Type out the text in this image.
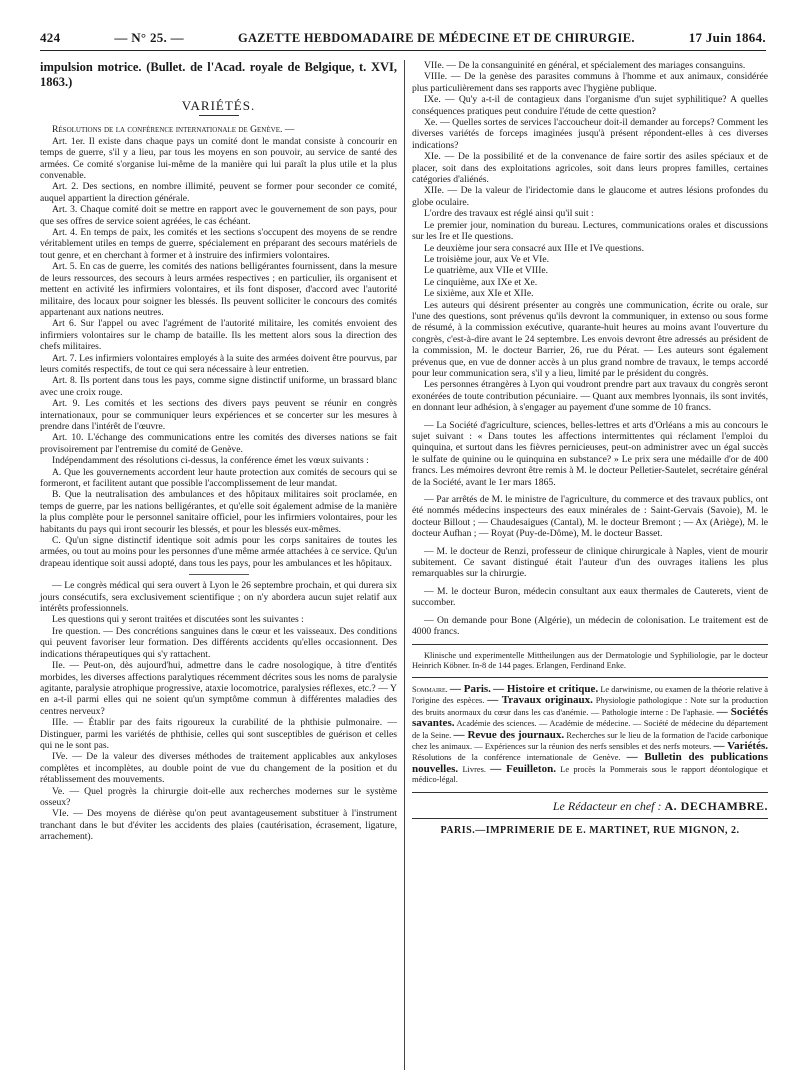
424	— N° 25. —	GAZETTE HEBDOMADAIRE DE MÉDECINE ET DE CHIRURGIE.	17 Juin 1864.

impulsion motrice. (Bullet. de l'Acad. royale de Belgique, t. XVI, 1863.)

VARIÉTÉS.

Résolutions de la conférence internationale de Genève. —

Art. 1er. Il existe dans chaque pays un comité dont le mandat consiste à concourir en temps de guerre, s'il y a lieu, par tous les moyens en son pouvoir, au service de santé des armées. Ce comité s'organise lui-même de la manière qui lui paraît la plus utile et la plus convenable.

Art. 2. Des sections, en nombre illimité, peuvent se former pour seconder ce comité, auquel appartient la direction générale.

Art. 3. Chaque comité doit se mettre en rapport avec le gouvernement de son pays, pour que ses offres de service soient agréées, le cas échéant.

Art. 4. En temps de paix, les comités et les sections s'occupent des moyens de se rendre véritablement utiles en temps de guerre, spécialement en préparant des secours matériels de tout genre, et en cherchant à former et à instruire des infirmiers volontaires.

Art. 5. En cas de guerre, les comités des nations belligérantes fournissent, dans la mesure de leurs ressources, des secours à leurs armées respectives ; en particulier, ils organisent et mettent en activité les infirmiers volontaires, et ils font disposer, d'accord avec l'autorité militaire, des locaux pour soigner les blessés. Ils peuvent solliciter le concours des comités appartenant aux nations neutres.

Art 6. Sur l'appel ou avec l'agrément de l'autorité militaire, les comités envoient des infirmiers volontaires sur le champ de bataille. Ils les mettent alors sous la direction des chefs militaires.

Art. 7. Les infirmiers volontaires employés à la suite des armées doivent être pourvus, par leurs comités respectifs, de tout ce qui sera nécessaire à leur entretien.

Art. 8. Ils portent dans tous les pays, comme signe distinctif uniforme, un brassard blanc avec une croix rouge.

Art. 9. Les comités et les sections des divers pays peuvent se réunir en congrès internationaux, pour se communiquer leurs expériences et se concerter sur les mesures à prendre dans l'intérêt de l'œuvre.

Art. 10. L'échange des communications entre les comités des diverses nations se fait provisoirement par l'entremise du comité de Genève.

Indépendamment des résolutions ci-dessus, la conférence émet les vœux suivants :

A. Que les gouvernements accordent leur haute protection aux comités de secours qui se formeront, et facilitent autant que possible l'accomplissement de leur mandat.

B. Que la neutralisation des ambulances et des hôpitaux militaires soit proclamée, en temps de guerre, par les nations belligérantes, et qu'elle soit également admise de la manière la plus complète pour le personnel sanitaire officiel, pour les infirmiers volontaires, pour les habitants du pays qui iront secourir les blessés, et pour les blessés eux-mêmes.

C. Qu'un signe distinctif identique soit admis pour les corps sanitaires de toutes les armées, ou tout au moins pour les personnes d'une même armée attachées à ce service. Qu'un drapeau identique soit aussi adopté, dans tous les pays, pour les ambulances et les hôpitaux.

— Le congrès médical qui sera ouvert à Lyon le 26 septembre prochain, et qui durera six jours consécutifs, sera exclusivement scientifique ; on n'y abordera aucun sujet relatif aux intérêts professionnels.

Les questions qui y seront traitées et discutées sont les suivantes :

Ire question. — Des concrétions sanguines dans le cœur et les vaisseaux. Des conditions qui peuvent favoriser leur formation. Des différents accidents qu'elles occasionnent. Des indications thérapeutiques qui s'y rattachent.

IIe. — Peut-on, dès aujourd'hui, admettre dans le cadre nosologique, à titre d'entités morbides, les diverses affections paralytiques récemment décrites sous les noms de paralysie agitante, paralysie atrophique progressive, ataxie locomotrice, paralysies réflexes, etc.? — Y en a-t-il parmi elles qui ne soient qu'un symptôme commun à différentes maladies des centres nerveux?

IIIe. — Établir par des faits rigoureux la curabilité de la phthisie pulmonaire. — Distinguer, parmi les variétés de phthisie, celles qui sont susceptibles de guérison et celles qui ne le sont pas.

IVe. — De la valeur des diverses méthodes de traitement applicables aux ankyloses complètes et incomplètes, au double point de vue du changement de la position et du rétablissement des mouvements.

Ve. — Quel progrès la chirurgie doit-elle aux recherches modernes sur le système osseux?

VIe. — Des moyens de diérèse qu'on peut avantageusement substituer à l'instrument tranchant dans le but d'éviter les accidents des plaies (cautérisation, écrasement, ligature, arrachement).

VIIe. — De la consanguinité en général, et spécialement des mariages consanguins.

VIIIe. — De la genèse des parasites communs à l'homme et aux animaux, considérée plus particulièrement dans ses rapports avec l'hygiène publique.

IXe. — Qu'y a-t-il de contagieux dans l'organisme d'un sujet syphilitique? A quelles conséquences pratiques peut conduire l'étude de cette question?

Xe. — Quelles sortes de services l'accoucheur doit-il demander au forceps? Comment les diverses variétés de forceps imaginées jusqu'à présent répondent-elles à ces diverses indications?

XIe. — De la possibilité et de la convenance de faire sortir des asiles spéciaux et de placer, soit dans des exploitations agricoles, soit dans leurs propres familles, certaines catégories d'aliénés.

XIIe. — De la valeur de l'iridectomie dans le glaucome et autres lésions profondes du globe oculaire.

L'ordre des travaux est réglé ainsi qu'il suit :

Le premier jour, nomination du bureau. Lectures, communications orales et discussions sur les Ire et IIe questions.

Le deuxième jour sera consacré aux IIIe et IVe questions.

Le troisième jour, aux Ve et VIe.

Le quatrième, aux VIIe et VIIIe.

Le cinquième, aux IXe et Xe.

Le sixième, aux XIe et XIIe.

Les auteurs qui désirent présenter au congrès une communication, écrite ou orale, sur l'une des questions, sont prévenus qu'ils devront la communiquer, in extenso ou sous forme de résumé, à la commission exécutive, quarante-huit heures au moins avant l'ouverture du congrès, c'est-à-dire avant le 24 septembre. Les envois devront être adressés au président de la commission, M. le docteur Barrier, 26, rue du Pérat. — Les auteurs sont également prévenus que, en vue de donner accès à un plus grand nombre de travaux, le temps accordé pour leur communication sera, s'il y a lieu, limité par le président du congrès.

Les personnes étrangères à Lyon qui voudront prendre part aux travaux du congrès seront exonérées de toute contribution pécuniaire. — Quant aux membres lyonnais, ils sont invités, en donnant leur adhésion, à s'engager au payement d'une somme de 10 francs.

— La Société d'agriculture, sciences, belles-lettres et arts d'Orléans a mis au concours le sujet suivant : « Dans toutes les affections intermittentes qui réclament l'emploi du quinquina, et surtout dans les fièvres pernicieuses, peut-on administrer avec un égal succès le sulfate de quinine ou le quinquina en substance? » Le prix sera une médaille d'or de 400 francs. Les mémoires devront être remis à M. le docteur Pelletier-Sautelet, secrétaire général de la Société, avant le 1er mars 1865.

— Par arrêtés de M. le ministre de l'agriculture, du commerce et des travaux publics, ont été nommés médecins inspecteurs des eaux minérales de : Saint-Gervais (Savoie), M. le docteur Billout ; — Chaudesaigues (Cantal), M. le docteur Bremont ; — Ax (Ariège), M. le docteur Aufhan ; — Royat (Puy-de-Dôme), M. le docteur Basset.

— M. le docteur de Renzi, professeur de clinique chirurgicale à Naples, vient de mourir subitement. Ce savant distingué était l'auteur d'un des ouvrages italiens les plus remarquables sur la chirurgie.

— M. le docteur Buron, médecin consultant aux eaux thermales de Cauterets, vient de succomber.

— On demande pour Bone (Algérie), un médecin de colonisation. Le traitement est de 4000 francs.

Klinische und experimentelle Mittheilungen aus der Dermatologie und Syphiliologie, par le docteur Heinrich Köbner. In-8 de 144 pages. Erlangen, Ferdinand Enke.

Sommaire. — Paris. — Histoire et critique. Le darwinisme, ou examen de la théorie relative à l'origine des espèces. — Travaux originaux. Physiologie pathologique : Note sur la production des bruits anormaux du cœur dans les cas d'anémie. — Pathologie interne : De l'aphasie. — Sociétés savantes. Académie des sciences. — Académie de médecine. — Société de médecine du département de la Seine. — Revue des journaux. Recherches sur le lieu de la formation de l'acide carbonique chez les animaux. — Expériences sur la réunion des nerfs sensibles et des nerfs moteurs. — Variétés. Résolutions de la conférence internationale de Genève. — Bulletin des publications nouvelles. Livres. — Feuilleton. Le procès la Pommerais sous le rapport déontologique et médico-légal.

Le Rédacteur en chef : A. DECHAMBRE.
PARIS.—IMPRIMERIE DE E. MARTINET, RUE MIGNON, 2.
